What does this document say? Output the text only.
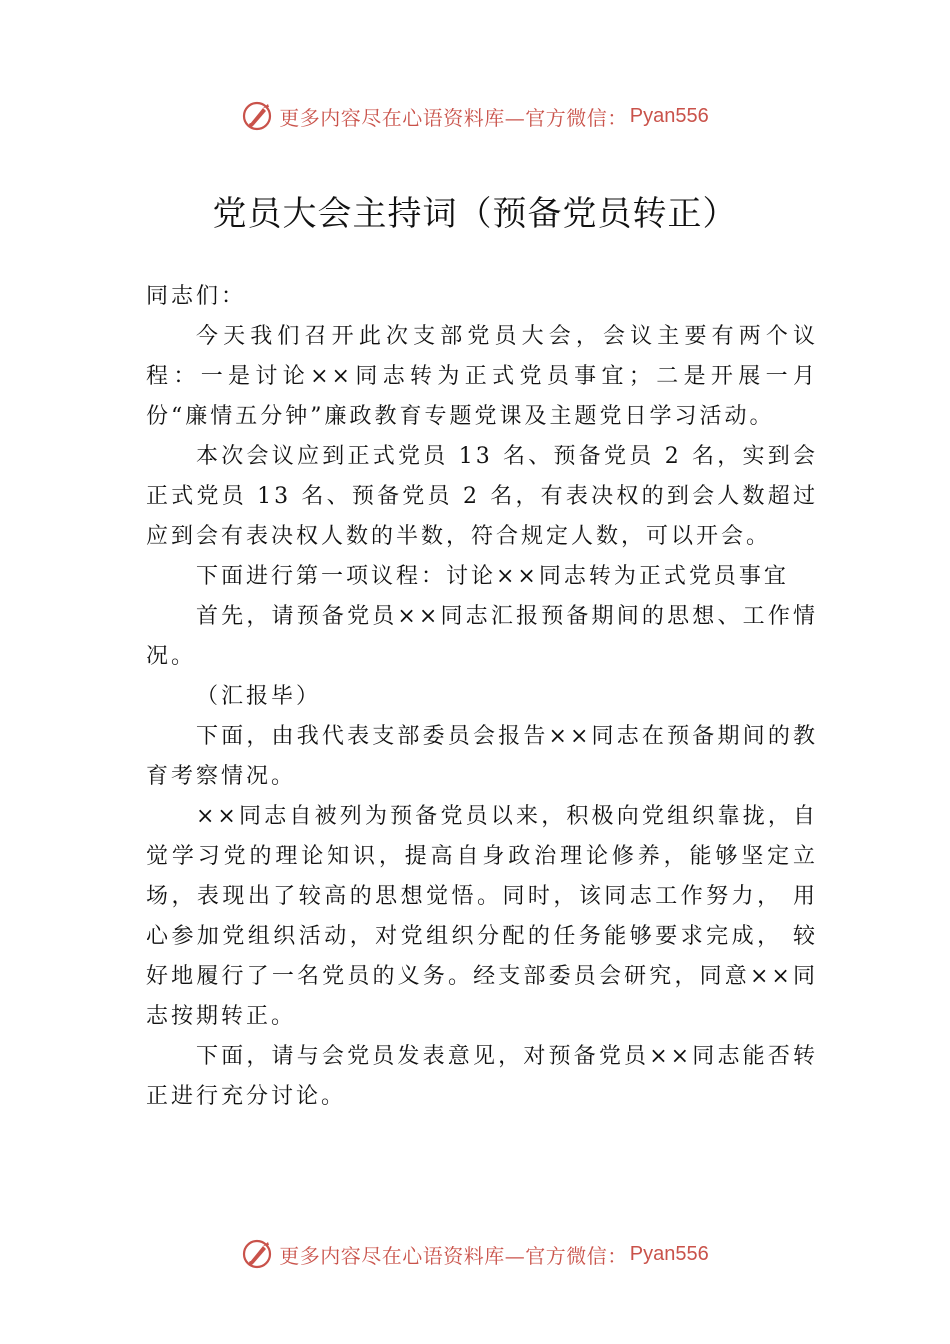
更多内容尽在心语资料库—官方微信： Pyan556
党员大会主持词（预备党员转正）

同志们：

今天我们召开此次支部党员大会，会议主要有两个议程：一是讨论××同志转为正式党员事宜；二是开展一月份“廉情五分钟”廉政教育专题党课及主题党日学习活动。

本次会议应到正式党员 13 名、预备党员 2 名，实到会正式党员 13 名、预备党员 2 名，有表决权的到会人数超过应到会有表决权人数的半数，符合规定人数，可以开会。

下面进行第一项议程：讨论××同志转为正式党员事宜

首先，请预备党员××同志汇报预备期间的思想、工作情况。

（汇报毕）

下面，由我代表支部委员会报告××同志在预备期间的教育考察情况。

××同志自被列为预备党员以来，积极向党组织靠拢，自觉学习党的理论知识，提高自身政治理论修养，能够坚定立场，表现出了较高的思想觉悟。同时，该同志工作努力， 用心参加党组织活动，对党组织分配的任务能够要求完成， 较好地履行了一名党员的义务。经支部委员会研究，同意××同志按期转正。

下面，请与会党员发表意见，对预备党员××同志能否转正进行充分讨论。

更多内容尽在心语资料库—官方微信： Pyan556
